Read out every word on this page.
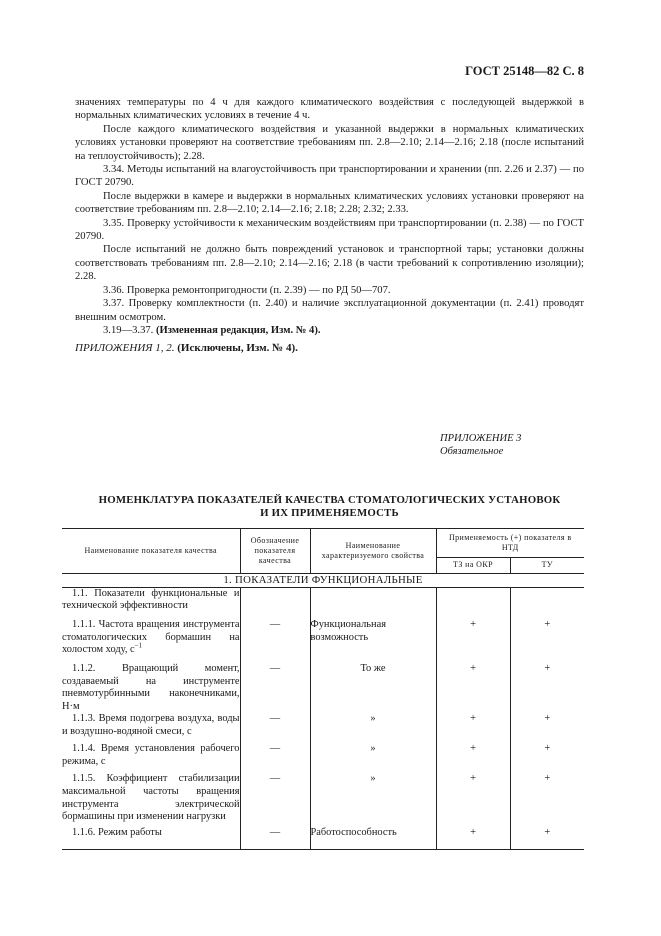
ГОСТ 25148—82 С. 8

значениях температуры по 4 ч для каждого климатического воздействия с последующей выдержкой в нормальных климатических условиях в течение 4 ч.

После каждого климатического воздействия и указанной выдержки в нормальных климатических условиях установки проверяют на соответствие требованиям пп. 2.8—2.10; 2.14—2.16; 2.18 (после испытаний на теплоустойчивость); 2.28.

3.34. Методы испытаний на влагоустойчивость при транспортировании и хранении (пп. 2.26 и 2.37) — по ГОСТ 20790.

После выдержки в камере и выдержки в нормальных климатических условиях установки проверяют на соответствие требованиям пп. 2.8—2.10; 2.14—2.16; 2.18; 2.28; 2.32; 2.33.

3.35. Проверку устойчивости к механическим воздействиям при транспортировании (п. 2.38) — по ГОСТ 20790.

После испытаний не должно быть повреждений установок и транспортной тары; установки должны соответствовать требованиям пп. 2.8—2.10; 2.14—2.16; 2.18 (в части требований к сопротивлению изоляции); 2.28.

3.36. Проверка ремонтопригодности (п. 2.39) — по РД 50—707.

3.37. Проверку комплектности (п. 2.40) и наличие эксплуатационной документации (п. 2.41) проводят внешним осмотром.

3.19—3.37. (Измененная редакция, Изм. № 4).

ПРИЛОЖЕНИЯ 1, 2. (Исключены, Изм. № 4).
ПРИЛОЖЕНИЕ 3
Обязательное
НОМЕНКЛАТУРА ПОКАЗАТЕЛЕЙ КАЧЕСТВА СТОМАТОЛОГИЧЕСКИХ УСТАНОВОК
И ИХ ПРИМЕНЯЕМОСТЬ
Наименование показателя качества	Обозначение показателя качества	Наименование характеризуемого свойства	Применяемость (+) показателя в НТД	
			ТЗ на ОКР	ТУ
1. ПОКАЗАТЕЛИ ФУНКЦИОНАЛЬНЫЕ				

1.1. Показатели функциональные и технической эффективности				

1.1.1. Частота вращения инструмента стоматологических бормашин на холостом ходу, $с^{-1}$	—	Функциональная возможность	+	+

1.1.2. Вращающий момент, создаваемый на инструменте пневмотурбинными наконечниками, Н·м	—	То же	+	+

1.1.3. Время подогрева воздуха, воды и воздушно-водяной смеси, с	—	»	+	+

1.1.4. Время установления рабочего режима, с	—	»	+	+

1.1.5. Коэффициент стабилизации максимальной частоты вращения инструмента электрической бормашины при изменении нагрузки	—	»	+	+

1.1.6. Режим работы	—	Работоспособность	+	+
